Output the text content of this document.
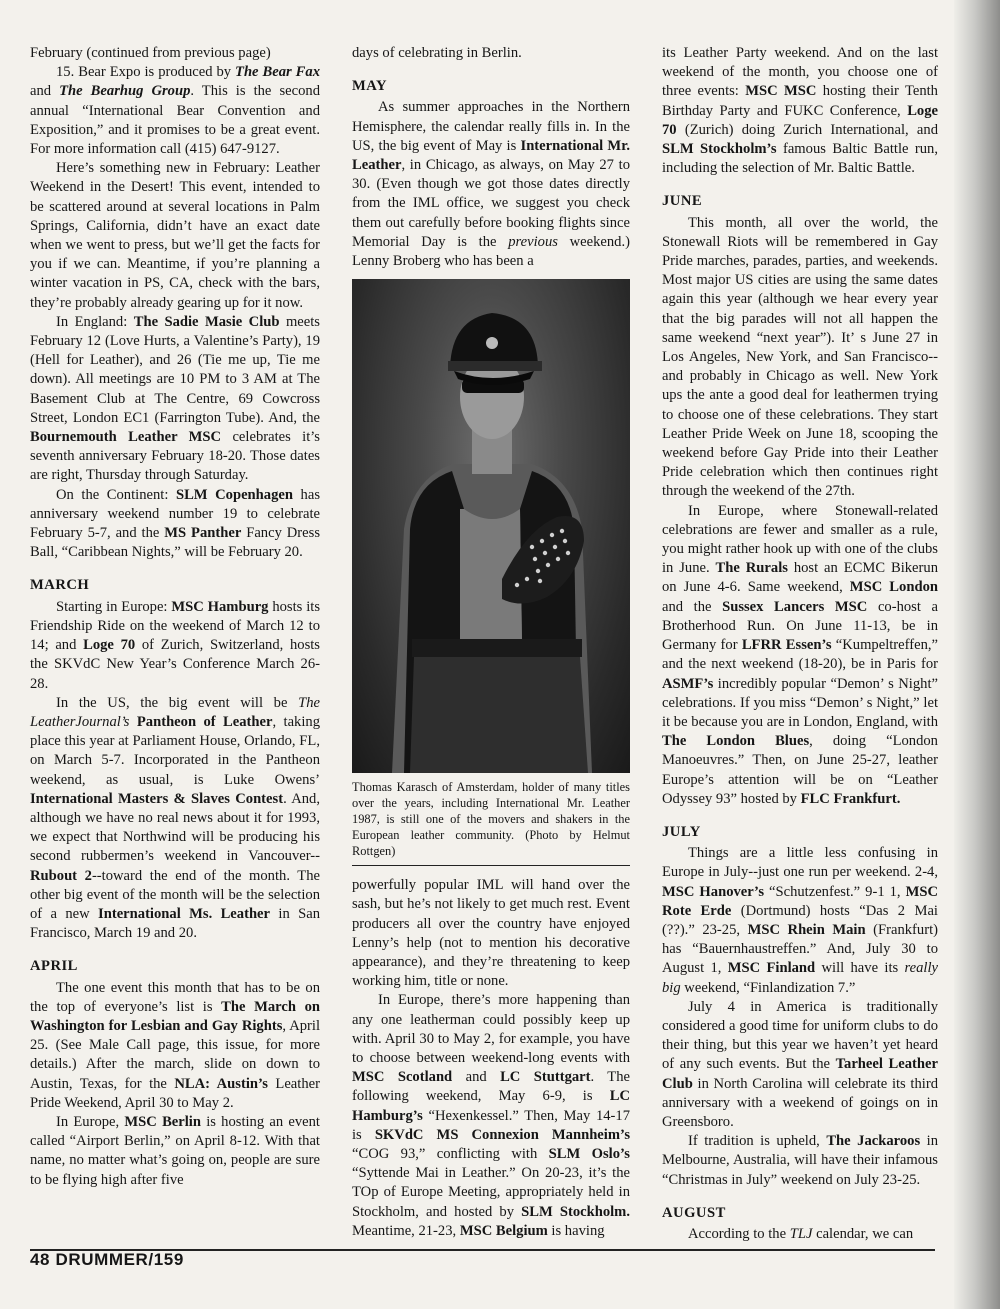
February (continued from previous page)

15. Bear Expo is produced by The Bear Fax and The Bearhug Group. This is the second annual “International Bear Convention and Exposition,” and it promises to be a great event. For more information call (415) 647-9127.

Here’s something new in February: Leather Weekend in the Desert! This event, intended to be scattered around at several locations in Palm Springs, California, didn’t have an exact date when we went to press, but we’ll get the facts for you if we can. Meantime, if you’re planning a winter vacation in PS, CA, check with the bars, they’re probably already gearing up for it now.

In England: The Sadie Masie Club meets February 12 (Love Hurts, a Valentine’s Party), 19 (Hell for Leather), and 26 (Tie me up, Tie me down). All meetings are 10 PM to 3 AM at The Basement Club at The Centre, 69 Cowcross Street, London EC1 (Farrington Tube). And, the Bournemouth Leather MSC celebrates it’s seventh anniversary February 18-20. Those dates are right, Thursday through Saturday.

On the Continent: SLM Copenhagen has anniversary weekend number 19 to celebrate February 5-7, and the MS Panther Fancy Dress Ball, “Caribbean Nights,” will be February 20.

MARCH

Starting in Europe: MSC Hamburg hosts its Friendship Ride on the weekend of March 12 to 14; and Loge 70 of Zurich, Switzerland, hosts the SKVdC New Year’s Conference March 26-28.

In the US, the big event will be The LeatherJournal’s Pantheon of Leather, taking place this year at Parliament House, Orlando, FL, on March 5-7. Incorporated in the Pantheon weekend, as usual, is Luke Owens’ International Masters & Slaves Contest. And, although we have no real news about it for 1993, we expect that Northwind will be producing his second rubbermen’s weekend in Vancouver--Rubout 2--toward the end of the month. The other big event of the month will be the selection of a new International Ms. Leather in San Francisco, March 19 and 20.

APRIL

The one event this month that has to be on the top of everyone’s list is The March on Washington for Lesbian and Gay Rights, April 25. (See Male Call page, this issue, for more details.) After the march, slide on down to Austin, Texas, for the NLA: Austin’s Leather Pride Weekend, April 30 to May 2.

In Europe, MSC Berlin is hosting an event called “Airport Berlin,” on April 8-12. With that name, no matter what’s going on, people are sure to be flying high after five

days of celebrating in Berlin.

MAY

As summer approaches in the Northern Hemisphere, the calendar really fills in. In the US, the big event of May is International Mr. Leather, in Chicago, as always, on May 27 to 30. (Even though we got those dates directly from the IML office, we suggest you check them out carefully before booking flights since Memorial Day is the previous weekend.) Lenny Broberg who has been a

Thomas Karasch of Amsterdam, holder of many titles over the years, including International Mr. Leather 1987, is still one of the movers and shakers in the European leather community. (Photo by Helmut Rottgen)

powerfully popular IML will hand over the sash, but he’s not likely to get much rest. Event producers all over the country have enjoyed Lenny’s help (not to mention his decorative appearance), and they’re threatening to keep working him, title or none.

In Europe, there’s more happening than any one leatherman could possibly keep up with. April 30 to May 2, for example, you have to choose between weekend-long events with MSC Scotland and LC Stuttgart. The following weekend, May 6-9, is LC Hamburg’s “Hexenkessel.” Then, May 14-17 is SKVdC MS Connexion Mannheim’s “COG 93,” conflicting with SLM Oslo’s “Syttende Mai in Leather.” On 20-23, it’s the TOp of Europe Meeting, appropriately held in Stockholm, and hosted by SLM Stockholm. Meantime, 21-23, MSC Belgium is having

its Leather Party weekend. And on the last weekend of the month, you choose one of three events: MSC MSC hosting their Tenth Birthday Party and FUKC Conference, Loge 70 (Zurich) doing Zurich International, and SLM Stockholm’s famous Baltic Battle run, including the selection of Mr. Baltic Battle.

JUNE

This month, all over the world, the Stonewall Riots will be remembered in Gay Pride marches, parades, parties, and weekends. Most major US cities are using the same dates again this year (although we hear every year that the big parades will not all happen the same weekend “next year”). It’ s June 27 in Los Angeles, New York, and San Francisco--and probably in Chicago as well. New York ups the ante a good deal for leathermen trying to choose one of these celebrations. They start Leather Pride Week on June 18, scooping the weekend before Gay Pride into their Leather Pride celebration which then continues right through the weekend of the 27th.

In Europe, where Stonewall-related celebrations are fewer and smaller as a rule, you might rather hook up with one of the clubs in June. The Rurals host an ECMC Bikerun on June 4-6. Same weekend, MSC London and the Sussex Lancers MSC co-host a Brotherhood Run. On June 11-13, be in Germany for LFRR Essen’s “Kumpeltreffen,” and the next weekend (18-20), be in Paris for ASMF’s incredibly popular “Demon’ s Night” celebrations. If you miss “Demon’ s Night,” let it be because you are in London, England, with The London Blues, doing “London Manoeuvres.” Then, on June 25-27, leather Europe’s attention will be on “Leather Odyssey 93” hosted by FLC Frankfurt.

JULY

Things are a little less confusing in Europe in July--just one run per weekend. 2-4, MSC Hanover’s “Schutzenfest.” 9-1 1, MSC Rote Erde (Dortmund) hosts “Das 2 Mai (??).” 23-25, MSC Rhein Main (Frankfurt) has “Bauernhaustreffen.” And, July 30 to August 1, MSC Finland will have its really big weekend, “Finlandization 7.”

July 4 in America is traditionally considered a good time for uniform clubs to do their thing, but this year we haven’t yet heard of any such events. But the Tarheel Leather Club in North Carolina will celebrate its third anniversary with a weekend of goings on in Greensboro.

If tradition is upheld, The Jackaroos in Melbourne, Australia, will have their infamous “Christmas in July” weekend on July 23-25.

AUGUST

According to the TLJ calendar, we can

48 DRUMMER/159
